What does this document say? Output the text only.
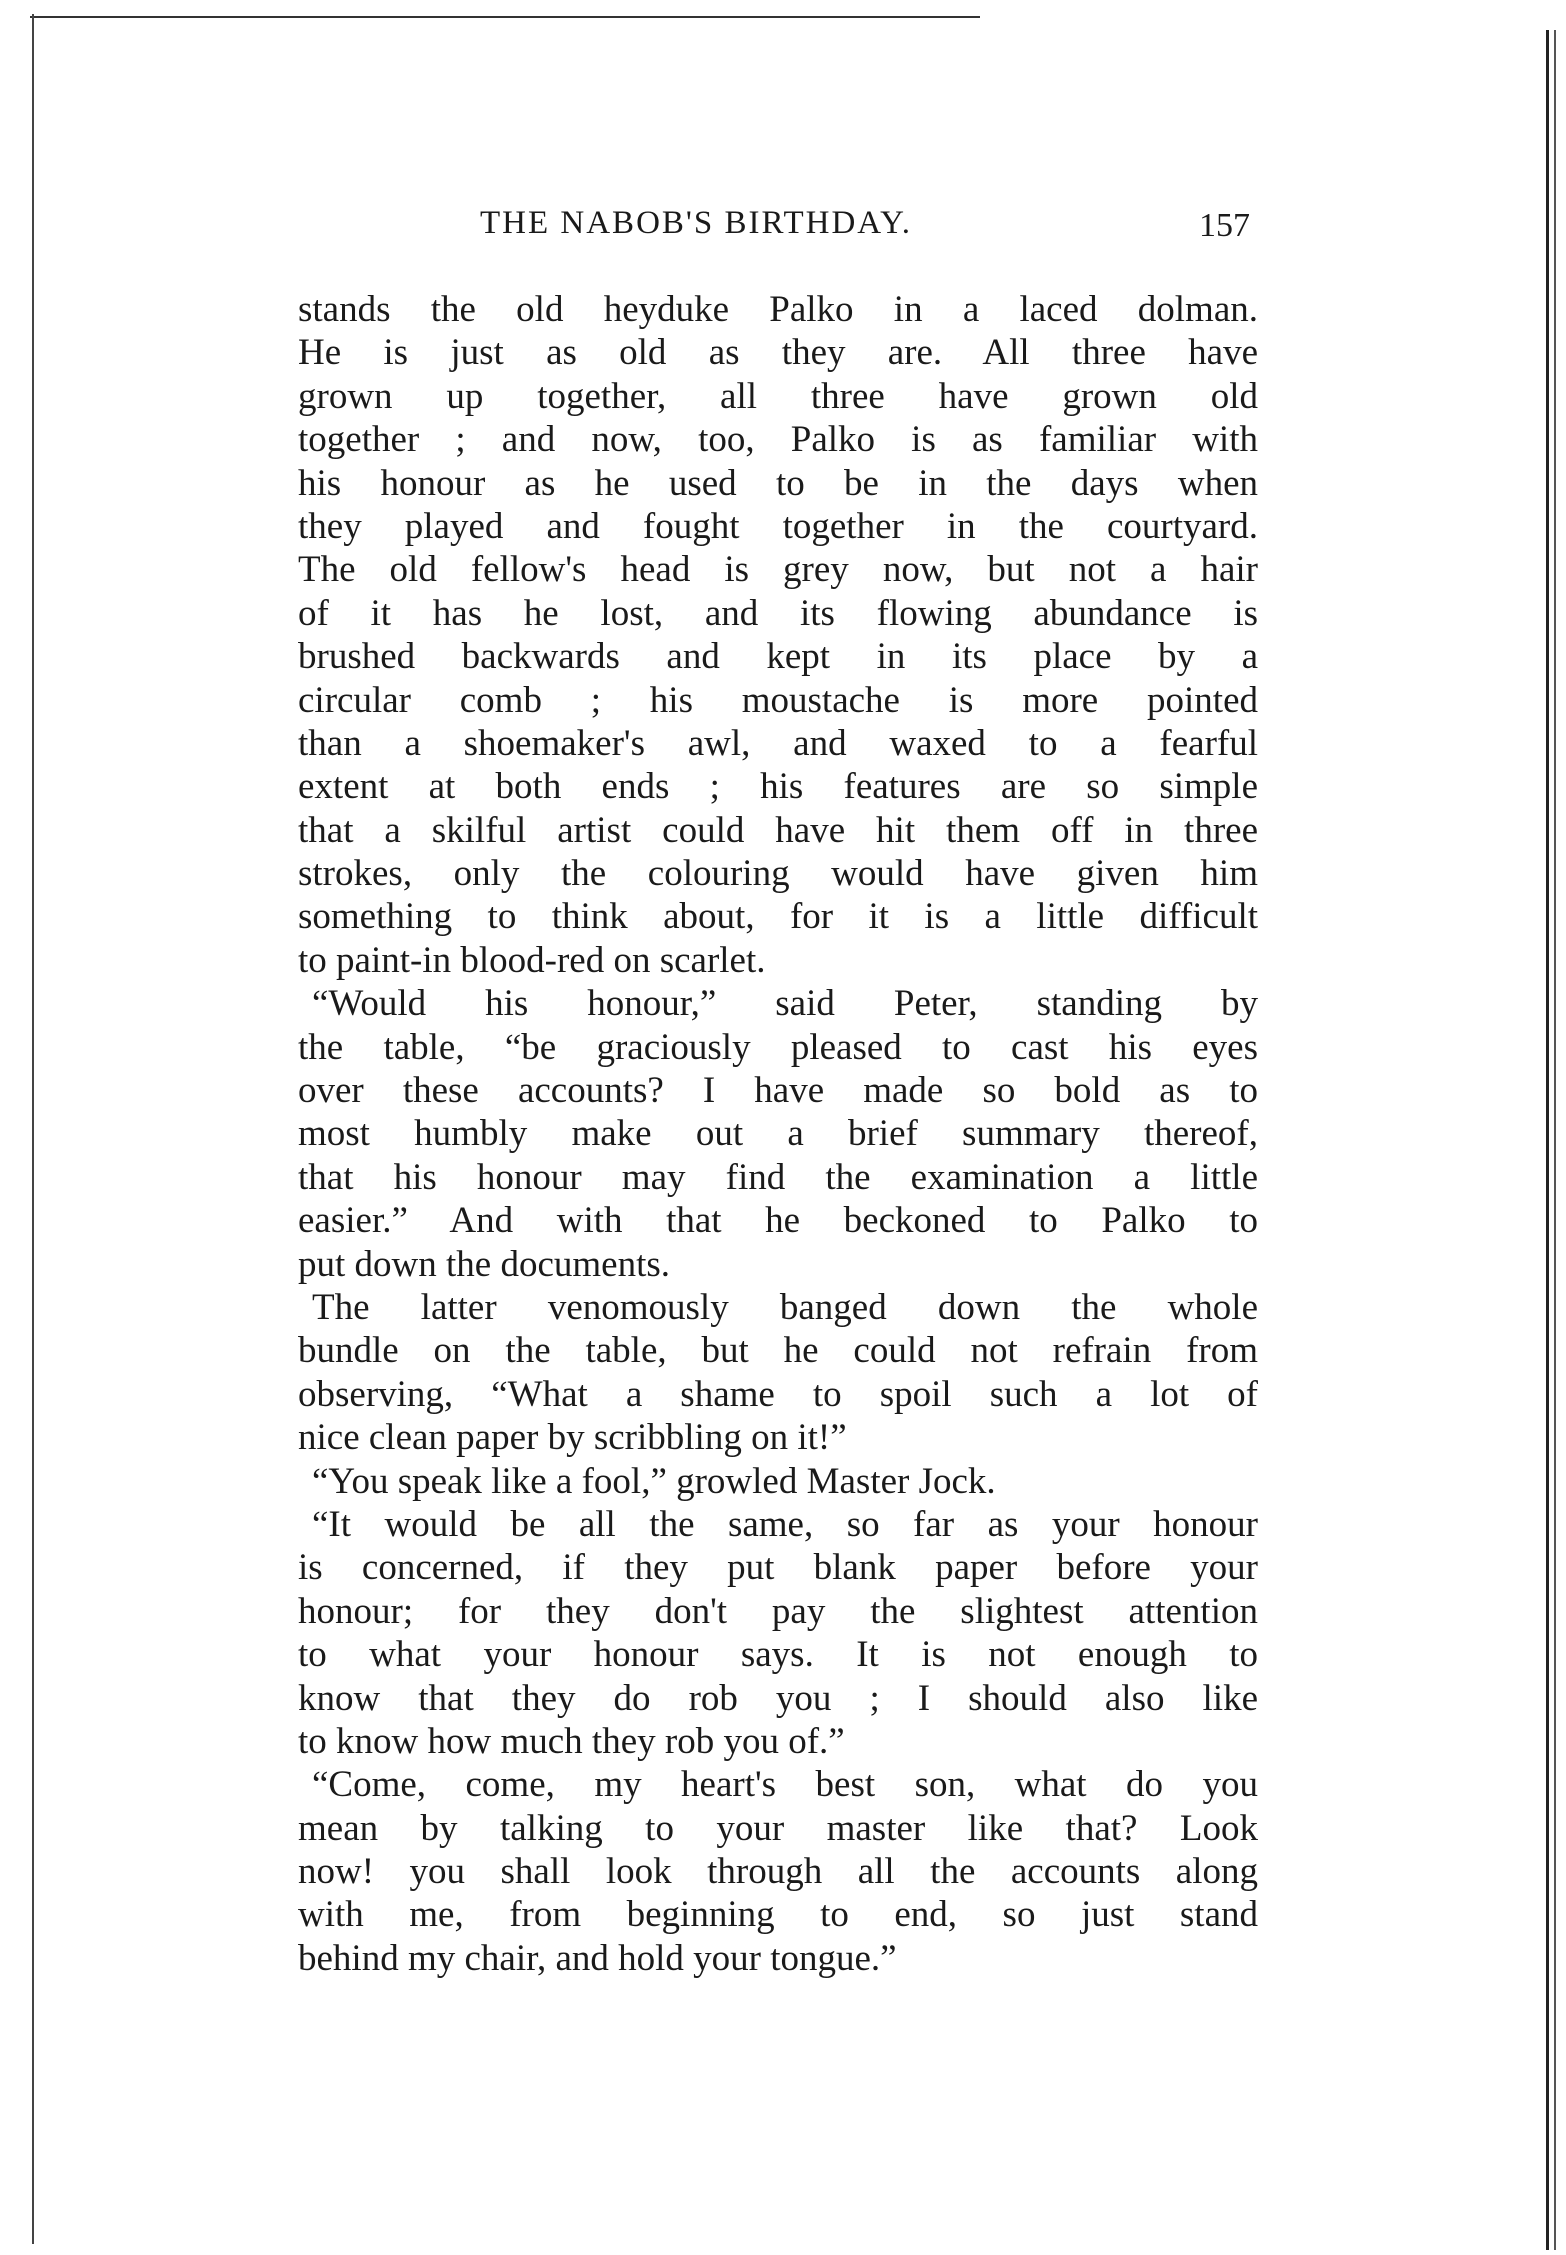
THE NABOB'S BIRTHDAY.	157
stands the old heyduke Palko in a laced dolman.
He is just as old as they are. All three have
grown up together, all three have grown old
together ; and now, too, Palko is as familiar with
his honour as he used to be in the days when
they played and fought together in the courtyard.
The old fellow's head is grey now, but not a hair
of it has he lost, and its flowing abundance is
brushed backwards and kept in its place by a
circular comb ; his moustache is more pointed
than a shoemaker's awl, and waxed to a fearful
extent at both ends ; his features are so simple
that a skilful artist could have hit them off in three
strokes, only the colouring would have given him
something to think about, for it is a little difficult
to paint-in blood-red on scarlet.
“Would his honour,” said Peter, standing by
the table, “be graciously pleased to cast his eyes
over these accounts? I have made so bold as to
most humbly make out a brief summary thereof,
that his honour may find the examination a little
easier.” And with that he beckoned to Palko to
put down the documents.
The latter venomously banged down the whole
bundle on the table, but he could not refrain from
observing, “What a shame to spoil such a lot of
nice clean paper by scribbling on it!”
“You speak like a fool,” growled Master Jock.
“It would be all the same, so far as your honour
is concerned, if they put blank paper before your
honour; for they don't pay the slightest attention
to what your honour says. It is not enough to
know that they do rob you ; I should also like
to know how much they rob you of.”
“Come, come, my heart's best son, what do you
mean by talking to your master like that? Look
now! you shall look through all the accounts along
with me, from beginning to end, so just stand
behind my chair, and hold your tongue.”
